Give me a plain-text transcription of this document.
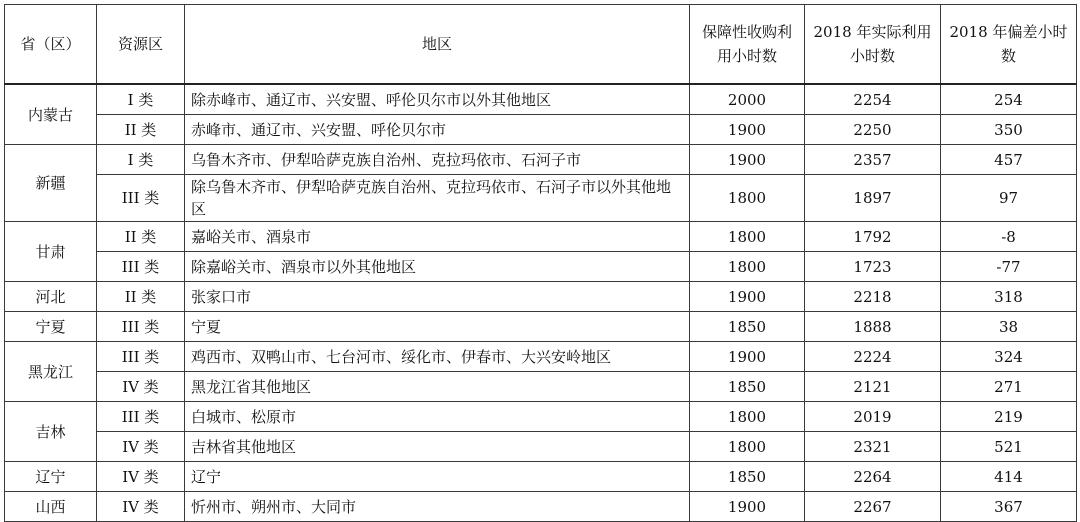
省（区）	资源区	地区	保障性收购利用小时数	2018 年实际利用小时数	2018 年偏差小时数
内蒙古	I 类	除赤峰市、通辽市、兴安盟、呼伦贝尔市以外其他地区	2000	2254	254
	II 类	赤峰市、通辽市、兴安盟、呼伦贝尔市	1900	2250	350
新疆	I 类	乌鲁木齐市、伊犁哈萨克族自治州、克拉玛依市、石河子市	1900	2357	457
	III 类	除乌鲁木齐市、伊犁哈萨克族自治州、克拉玛依市、石河子市以外其他地区	1800	1897	97
甘肃	II 类	嘉峪关市、酒泉市	1800	1792	-8
	III 类	除嘉峪关市、酒泉市以外其他地区	1800	1723	-77
河北	II 类	张家口市	1900	2218	318
宁夏	III 类	宁夏	1850	1888	38
黑龙江	III 类	鸡西市、双鸭山市、七台河市、绥化市、伊春市、大兴安岭地区	1900	2224	324
	IV 类	黑龙江省其他地区	1850	2121	271
吉林	III 类	白城市、松原市	1800	2019	219
	IV 类	吉林省其他地区	1800	2321	521
辽宁	IV 类	辽宁	1850	2264	414
山西	IV 类	忻州市、朔州市、大同市	1900	2267	367
